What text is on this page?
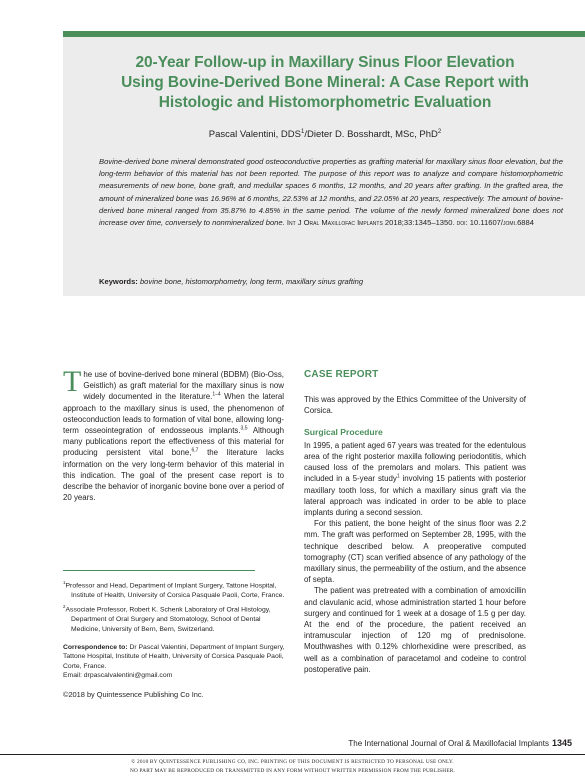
20-Year Follow-up in Maxillary Sinus Floor Elevation
Using Bovine-Derived Bone Mineral: A Case Report with
Histologic and Histomorphometric Evaluation
Pascal Valentini, DDS$^1$/Dieter D. Bosshardt, MSc, PhD$^2$
Bovine-derived bone mineral demonstrated good osteoconductive properties as grafting material for maxillary sinus floor elevation, but the long-term behavior of this material has not been reported. The purpose of this report was to analyze and compare histomorphometric measurements of new bone, bone graft, and medullar spaces 6 months, 12 months, and 20 years after grafting. In the grafted area, the amount of mineralized bone was 16.96% at 6 months, 22.53% at 12 months, and 22.05% at 20 years, respectively. The amount of bovine-derived bone mineral ranged from 35.87% to 4.85% in the same period. The volume of the newly formed mineralized bone does not increase over time, conversely to nonmineralized bone. Int J Oral Maxillofac Implants 2018;33:1345–1350. doi: 10.11607/jomi.6884
Keywords: bovine bone, histomorphometry, long term, maxillary sinus grafting

The use of bovine-derived bone mineral (BDBM) (Bio-Oss, Geistlich) as graft material for the maxillary sinus is now widely documented in the literature.$^{1-4}$ When the lateral approach to the maxillary sinus is used, the phenomenon of osteoconduction leads to formation of vital bone, allowing long-term osseointegration of endosseous implants.$^{3,5}$ Although many publications report the effectiveness of this material for producing persistent vital bone,$^{6,7}$ the literature lacks information on the very long-term behavior of this material in this indication. The goal of the present case report is to describe the behavior of inorganic bovine bone over a period of 20 years.

$^1$Professor and Head, Department of Implant Surgery, Tattone Hospital, Institute of Health, University of Corsica Pasquale Paoli, Corte, France.
$^2$Associate Professor, Robert K. Schenk Laboratory of Oral Histology, Department of Oral Surgery and Stomatology, School of Dental Medicine, University of Bern, Bern, Switzerland.
Correspondence to: Dr Pascal Valentini, Department of Implant Surgery, Tattone Hospital, Institute of Health, University of Corsica Pasquale Paoli, Corte, France.
Email: drpascalvalentini@gmail.com
©2018 by Quintessence Publishing Co Inc.
CASE REPORT

This was approved by the Ethics Committee of the University of Corsica.

Surgical Procedure

In 1995, a patient aged 67 years was treated for the edentulous area of the right posterior maxilla following periodontitis, which caused loss of the premolars and molars. This patient was included in a 5-year study$^1$ involving 15 patients with posterior maxillary tooth loss, for which a maxillary sinus graft via the lateral approach was indicated in order to be able to place implants during a second session.

For this patient, the bone height of the sinus floor was 2.2 mm. The graft was performed on September 28, 1995, with the technique described below. A preoperative computed tomography (CT) scan verified absence of any pathology of the maxillary sinus, the permeability of the ostium, and the absence of septa.

The patient was pretreated with a combination of amoxicillin and clavulanic acid, whose administration started 1 hour before surgery and continued for 1 week at a dosage of 1.5 g per day. At the end of the procedure, the patient received an intramuscular injection of 120 mg of prednisolone. Mouthwashes with 0.12% chlorhexidine were prescribed, as well as a combination of paracetamol and codeine to control postoperative pain.

The International Journal of Oral & Maxillofacial Implants 1345
© 2018 BY QUINTESSENCE PUBLISHING CO, INC. PRINTING OF THIS DOCUMENT IS RESTRICTED TO PERSONAL USE ONLY.
NO PART MAY BE REPRODUCED OR TRANSMITTED IN ANY FORM WITHOUT WRITTEN PERMISSION FROM THE PUBLISHER.
